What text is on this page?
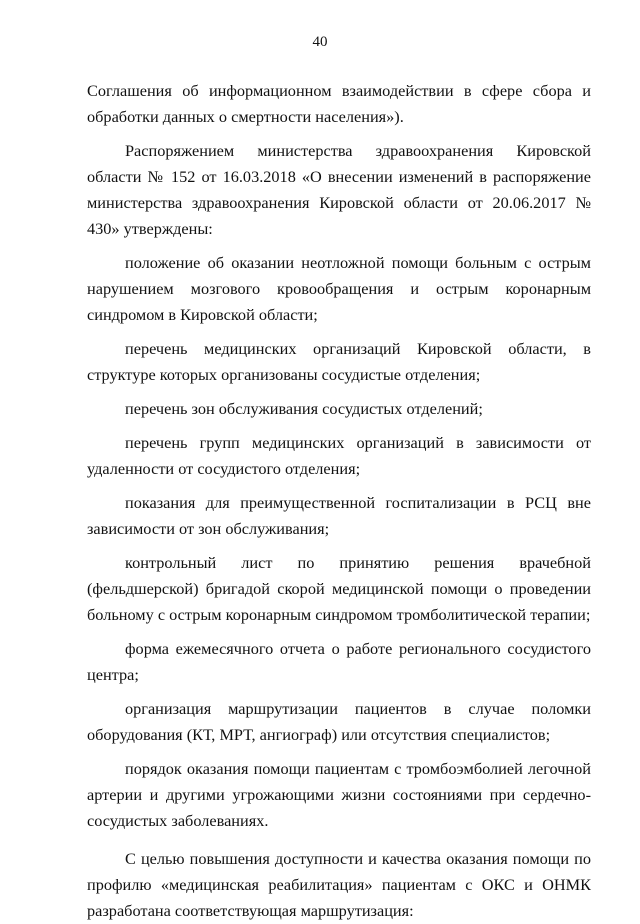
40

Соглашения об информационном взаимодействии в сфере сбора и обработки данных о смертности населения»).

Распоряжением министерства здравоохранения Кировской области № 152 от 16.03.2018 «О внесении изменений в распоряжение министерства здравоохранения Кировской области от 20.06.2017 № 430» утверждены:

положение об оказании неотложной помощи больным с острым нарушением мозгового кровообращения и острым коронарным синдромом в Кировской области;

перечень медицинских организаций Кировской области, в структуре которых организованы сосудистые отделения;

перечень зон обслуживания сосудистых отделений;

перечень групп медицинских организаций в зависимости от удаленности от сосудистого отделения;

показания для преимущественной госпитализации в РСЦ вне зависимости от зон обслуживания;

контрольный лист по принятию решения врачебной (фельдшерской) бригадой скорой медицинской помощи о проведении больному с острым коронарным синдромом тромболитической терапии;

форма ежемесячного отчета о работе регионального сосудистого центра;

организация маршрутизации пациентов в случае поломки оборудования (КТ, МРТ, ангиограф) или отсутствия специалистов;

порядок оказания помощи пациентам с тромбоэмболией легочной артерии и другими угрожающими жизни состояниями при сердечно-сосудистых заболеваниях.

С целью повышения доступности и качества оказания помощи по профилю «медицинская реабилитация» пациентам с ОКС и ОНМК разработана соответствующая маршрутизация:
